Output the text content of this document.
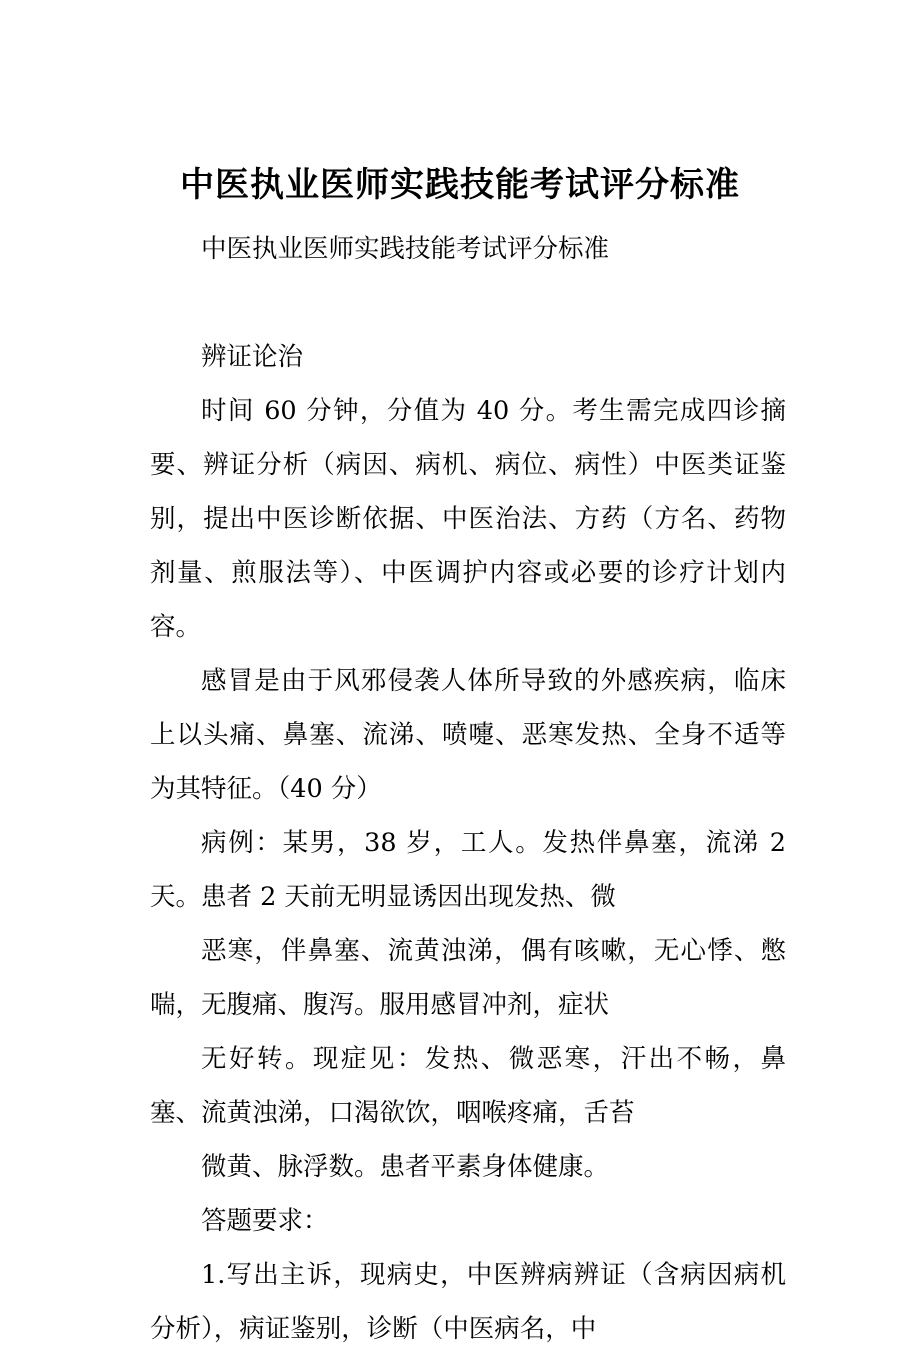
中医执业医师实践技能考试评分标准

中医执业医师实践技能考试评分标准

辨证论治

时间 60 分钟，分值为 40 分。考生需完成四诊摘要、辨证分析（病因、病机、病位、病性）中医类证鉴别，提出中医诊断依据、中医治法、方药（方名、药物剂量、煎服法等）、中医调护内容或必要的诊疗计划内容。

感冒是由于风邪侵袭人体所导致的外感疾病，临床上以头痛、鼻塞、流涕、喷嚏、恶寒发热、全身不适等为其特征。（40 分）

病例：某男，38 岁，工人。发热伴鼻塞，流涕 2 天。患者 2 天前无明显诱因出现发热、微

恶寒，伴鼻塞、流黄浊涕，偶有咳嗽，无心悸、憋喘，无腹痛、腹泻。服用感冒冲剂，症状

无好转。现症见：发热、微恶寒，汗出不畅，鼻塞、流黄浊涕，口渴欲饮，咽喉疼痛，舌苔

微黄、脉浮数。患者平素身体健康。

答题要求：

1.写出主诉，现病史，中医辨病辨证（含病因病机分析），病证鉴别，诊断（中医病名，中
